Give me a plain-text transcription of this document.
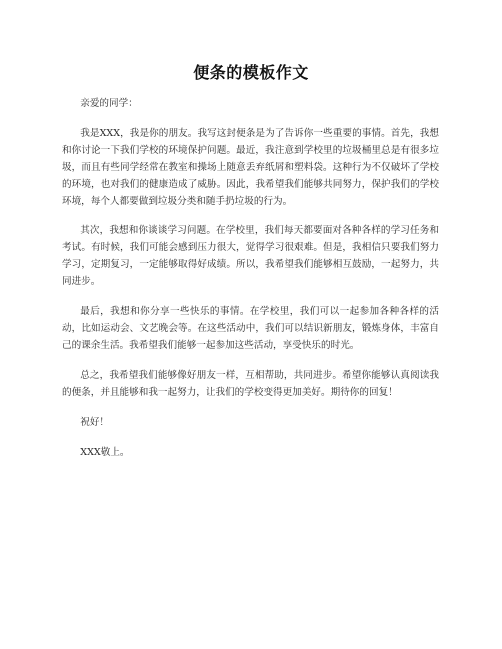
便条的模板作文

亲爱的同学：

我是XXX，我是你的朋友。我写这封便条是为了告诉你一些重要的事情。首先，我想和你讨论一下我们学校的环境保护问题。最近，我注意到学校里的垃圾桶里总是有很多垃圾，而且有些同学经常在教室和操场上随意丢弃纸屑和塑料袋。这种行为不仅破坏了学校的环境，也对我们的健康造成了威胁。因此，我希望我们能够共同努力，保护我们的学校环境，每个人都要做到垃圾分类和随手扔垃圾的行为。

其次，我想和你谈谈学习问题。在学校里，我们每天都要面对各种各样的学习任务和考试。有时候，我们可能会感到压力很大，觉得学习很艰难。但是，我相信只要我们努力学习，定期复习，一定能够取得好成绩。所以，我希望我们能够相互鼓励，一起努力，共同进步。

最后，我想和你分享一些快乐的事情。在学校里，我们可以一起参加各种各样的活动，比如运动会、文艺晚会等。在这些活动中，我们可以结识新朋友，锻炼身体，丰富自己的课余生活。我希望我们能够一起参加这些活动，享受快乐的时光。

总之，我希望我们能够像好朋友一样，互相帮助，共同进步。希望你能够认真阅读我的便条，并且能够和我一起努力，让我们的学校变得更加美好。期待你的回复！

祝好！

XXX敬上。
